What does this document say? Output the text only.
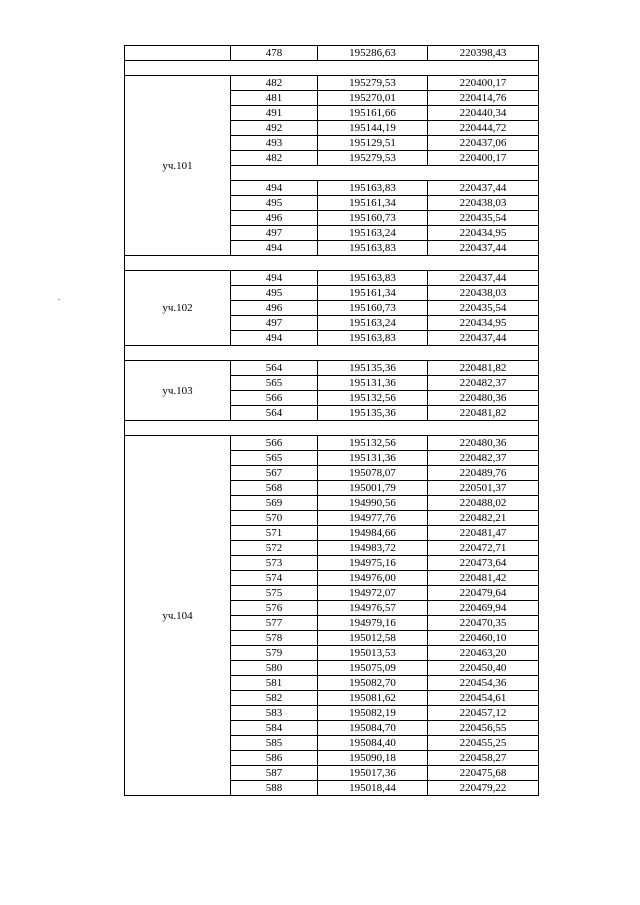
	478	195286,63	220398,43

уч.101	482	195279,53	220400,17
	481	195270,01	220414,76
	491	195161,66	220440,34
	492	195144,19	220444,72
	493	195129,51	220437,06
	482	195279,53	220400,17

	494	195163,83	220437,44
	495	195161,34	220438,03
	496	195160,73	220435,54
	497	195163,24	220434,95
	494	195163,83	220437,44

уч.102	494	195163,83	220437,44
	495	195161,34	220438,03
	496	195160,73	220435,54
	497	195163,24	220434,95
	494	195163,83	220437,44

уч.103	564	195135,36	220481,82
	565	195131,36	220482,37
	566	195132,56	220480,36
	564	195135,36	220481,82

уч.104	566	195132,56	220480,36
	565	195131,36	220482,37
	567	195078,07	220489,76
	568	195001,79	220501,37
	569	194990,56	220488,02
	570	194977,76	220482,21
	571	194984,66	220481,47
	572	194983,72	220472,71
	573	194975,16	220473,64
	574	194976,00	220481,42
	575	194972,07	220479,64
	576	194976,57	220469,94
	577	194979,16	220470,35
	578	195012,58	220460,10
	579	195013,53	220463,20
	580	195075,09	220450,40
	581	195082,70	220454,36
	582	195081,62	220454,61
	583	195082,19	220457,12
	584	195084,70	220456,55
	585	195084,40	220455,25
	586	195090,18	220458,27
	587	195017,36	220475,68
	588	195018,44	220479,22
